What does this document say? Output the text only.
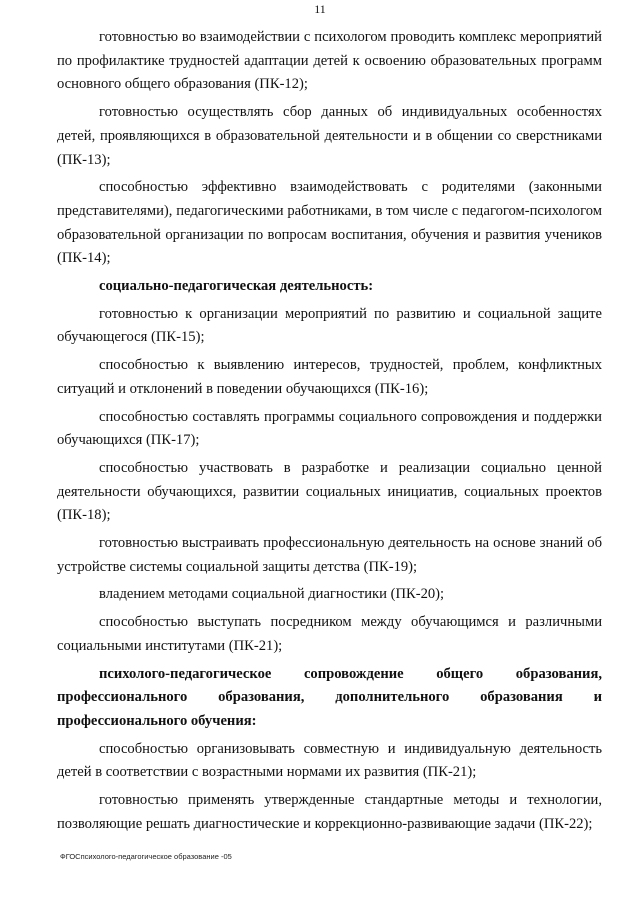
11

готовностью во взаимодействии с психологом проводить комплекс мероприятий по профилактике трудностей адаптации детей к освоению образовательных программ основного общего образования (ПК-12);

готовностью осуществлять сбор данных об индивидуальных особенностях детей, проявляющихся в образовательной деятельности и в общении со сверстниками (ПК-13);

способностью эффективно взаимодействовать с родителями (законными представителями), педагогическими работниками, в том числе с педагогом-психологом образовательной организации по вопросам воспитания, обучения и развития учеников (ПК-14);

социально-педагогическая деятельность:

готовностью к организации мероприятий по развитию и социальной защите обучающегося (ПК-15);

способностью к выявлению интересов, трудностей, проблем, конфликтных ситуаций и отклонений в поведении обучающихся (ПК-16);

способностью составлять программы социального сопровождения и поддержки обучающихся (ПК-17);

способностью участвовать в разработке и реализации социально ценной деятельности обучающихся, развитии социальных инициатив, социальных проектов (ПК-18);

готовностью выстраивать профессиональную деятельность на основе знаний об устройстве системы социальной защиты детства (ПК-19);

владением методами социальной диагностики (ПК-20);

способностью выступать посредником между обучающимся и различными социальными институтами (ПК-21);

психолого-педагогическое сопровождение общего образования, профессионального образования, дополнительного образования и профессионального обучения:

способностью организовывать совместную и индивидуальную деятельность детей в соответствии с возрастными нормами их развития (ПК-21);

готовностью применять утвержденные стандартные методы и технологии, позволяющие решать диагностические и коррекционно-развивающие задачи (ПК-22);

ФГОСпсихолого-педагогическое образование -05
